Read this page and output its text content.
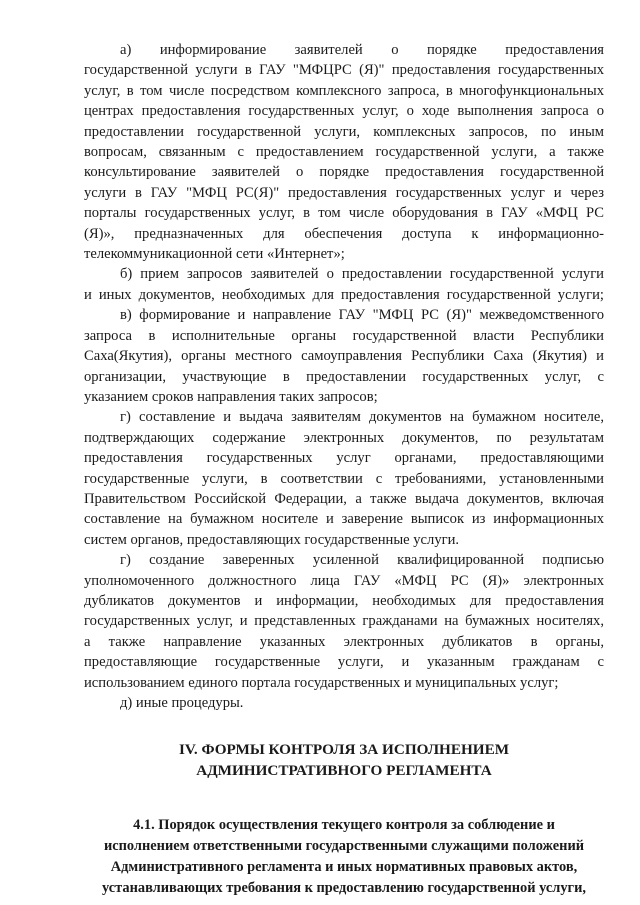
а) информирование заявителей о порядке предоставления
государственной услуги в ГАУ "МФЦРС (Я)" предоставления государственных
услуг, в том числе посредством комплексного запроса, в многофункциональных
центрах предоставления государственных услуг, о ходе выполнения запроса о
предоставлении государственной услуги, комплексных запросов, по иным
вопросам, связанным с предоставлением государственной услуги, а также
консультирование заявителей о порядке предоставления государственной
услуги в ГАУ "МФЦ РС(Я)" предоставления государственных услуг и через
порталы государственных услуг, в том числе оборудования в ГАУ «МФЦ РС
(Я)», предназначенных для обеспечения доступа к информационно-
телекоммуникационной сети «Интернет»;

б) прием запросов заявителей о предоставлении государственной услуги
и иных документов, необходимых для предоставления государственной услуги;

в) формирование и направление ГАУ "МФЦ РС (Я)" межведомственного
запроса в исполнительные органы государственной власти Республики
Саха(Якутия), органы местного самоуправления Республики Саха (Якутия) и
организации, участвующие в предоставлении государственных услуг, с
указанием сроков направления таких запросов;

г) составление и выдача заявителям документов на бумажном носителе,
подтверждающих содержание электронных документов, по результатам
предоставления государственных услуг органами, предоставляющими
государственные услуги, в соответствии с требованиями, установленными
Правительством Российской Федерации, а также выдача документов, включая
составление на бумажном носителе и заверение выписок из информационных
систем органов, предоставляющих государственные услуги.

г) создание заверенных усиленной квалифицированной подписью
уполномоченного должностного лица ГАУ «МФЦ РС (Я)» электронных
дубликатов документов и информации, необходимых для предоставления
государственных услуг, и представленных гражданами на бумажных носителях,
а также направление указанных электронных дубликатов в органы,
предоставляющие государственные услуги, и указанным гражданам с
использованием единого портала государственных и муниципальных услуг;

д) иные процедуры.

IV. ФОРМЫ КОНТРОЛЯ ЗА ИСПОЛНЕНИЕМ
АДМИНИСТРАТИВНОГО РЕГЛАМЕНТА
4.1. Порядок осуществления текущего контроля за соблюдение и
исполнением ответственными государственными служащими положений
Административного регламента и иных нормативных правовых актов,
устанавливающих требования к предоставлению государственной услуги,
